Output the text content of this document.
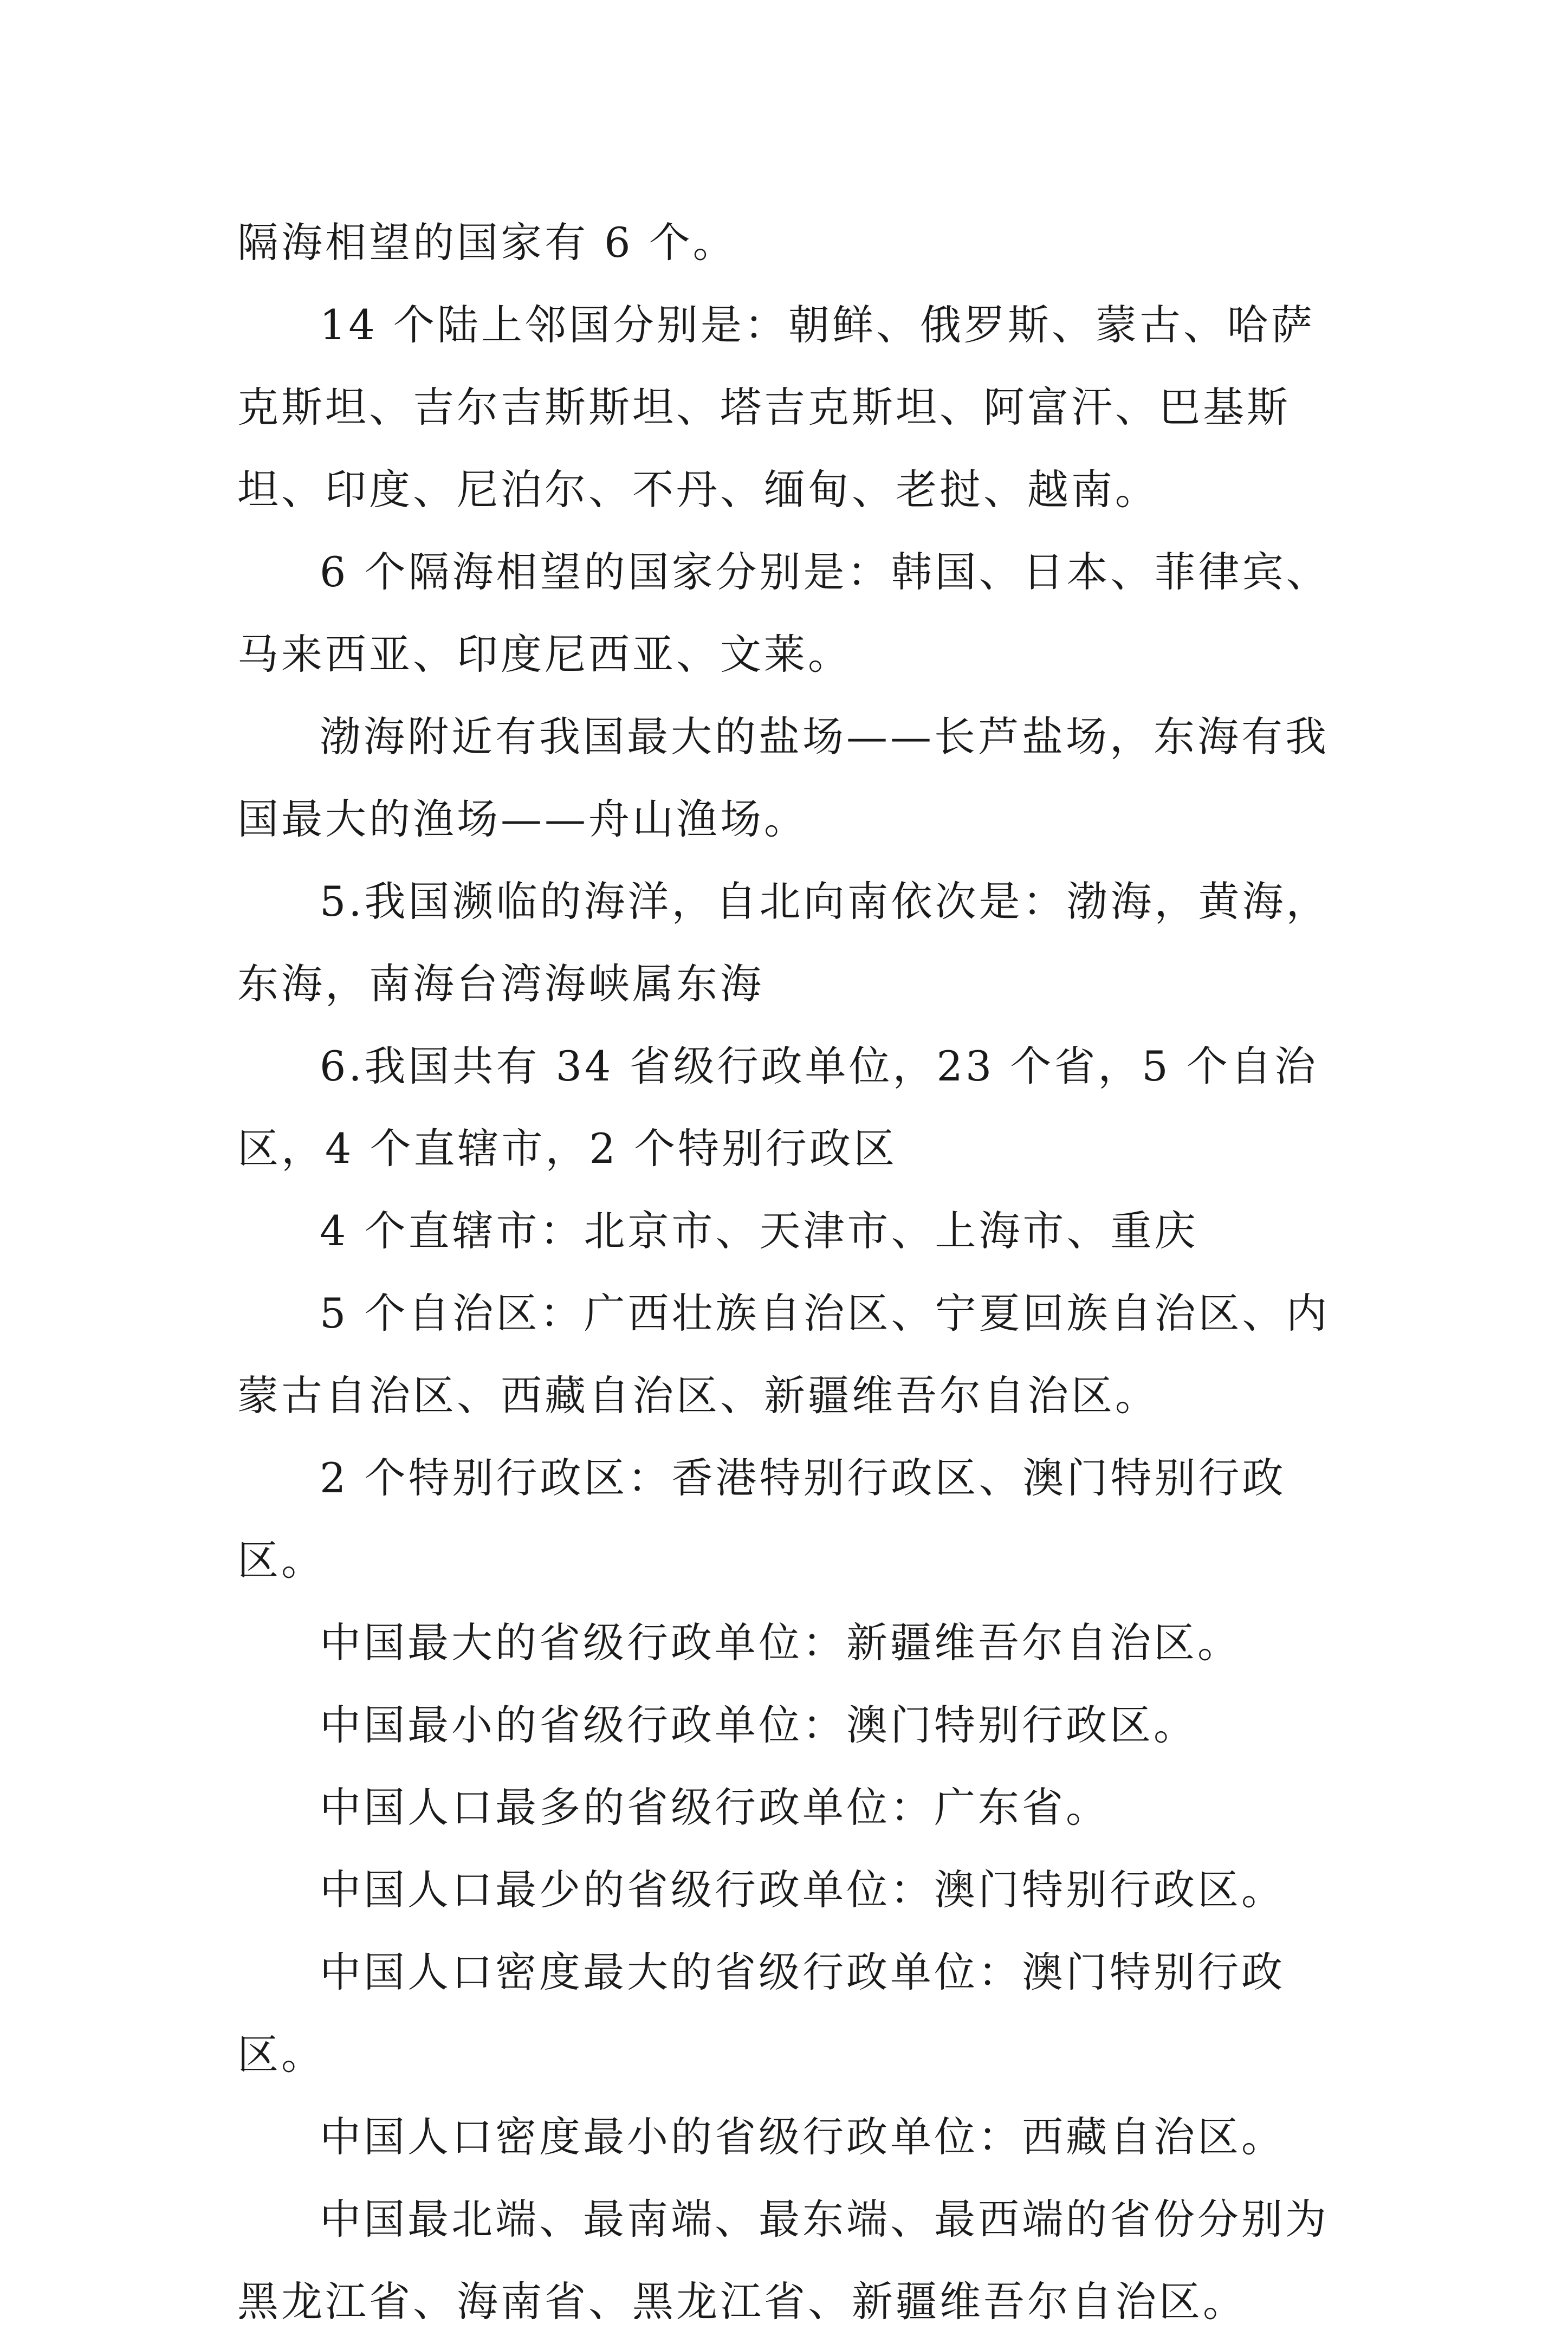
隔海相望的国家有 6 个。

14 个陆上邻国分别是：朝鲜、俄罗斯、蒙古、哈萨克斯坦、吉尔吉斯斯坦、塔吉克斯坦、阿富汗、巴基斯坦、印度、尼泊尔、不丹、缅甸、老挝、越南。

6 个隔海相望的国家分别是：韩国、日本、菲律宾、马来西亚、印度尼西亚、文莱。

渤海附近有我国最大的盐场——长芦盐场，东海有我国最大的渔场——舟山渔场。

5.我国濒临的海洋，自北向南依次是：渤海，黄海，东海，南海台湾海峡属东海

6.我国共有 34 省级行政单位，23 个省，5 个自治区，4 个直辖市，2 个特别行政区

4 个直辖市：北京市、天津市、上海市、重庆

5 个自治区：广西壮族自治区、宁夏回族自治区、内蒙古自治区、西藏自治区、新疆维吾尔自治区。

2 个特别行政区：香港特别行政区、澳门特别行政区。

中国最大的省级行政单位：新疆维吾尔自治区。

中国最小的省级行政单位：澳门特别行政区。

中国人口最多的省级行政单位：广东省。

中国人口最少的省级行政单位：澳门特别行政区。

中国人口密度最大的省级行政单位：澳门特别行政区。

中国人口密度最小的省级行政单位：西藏自治区。

中国最北端、最南端、最东端、最西端的省份分别为黑龙江省、海南省、黑龙江省、新疆维吾尔自治区。
